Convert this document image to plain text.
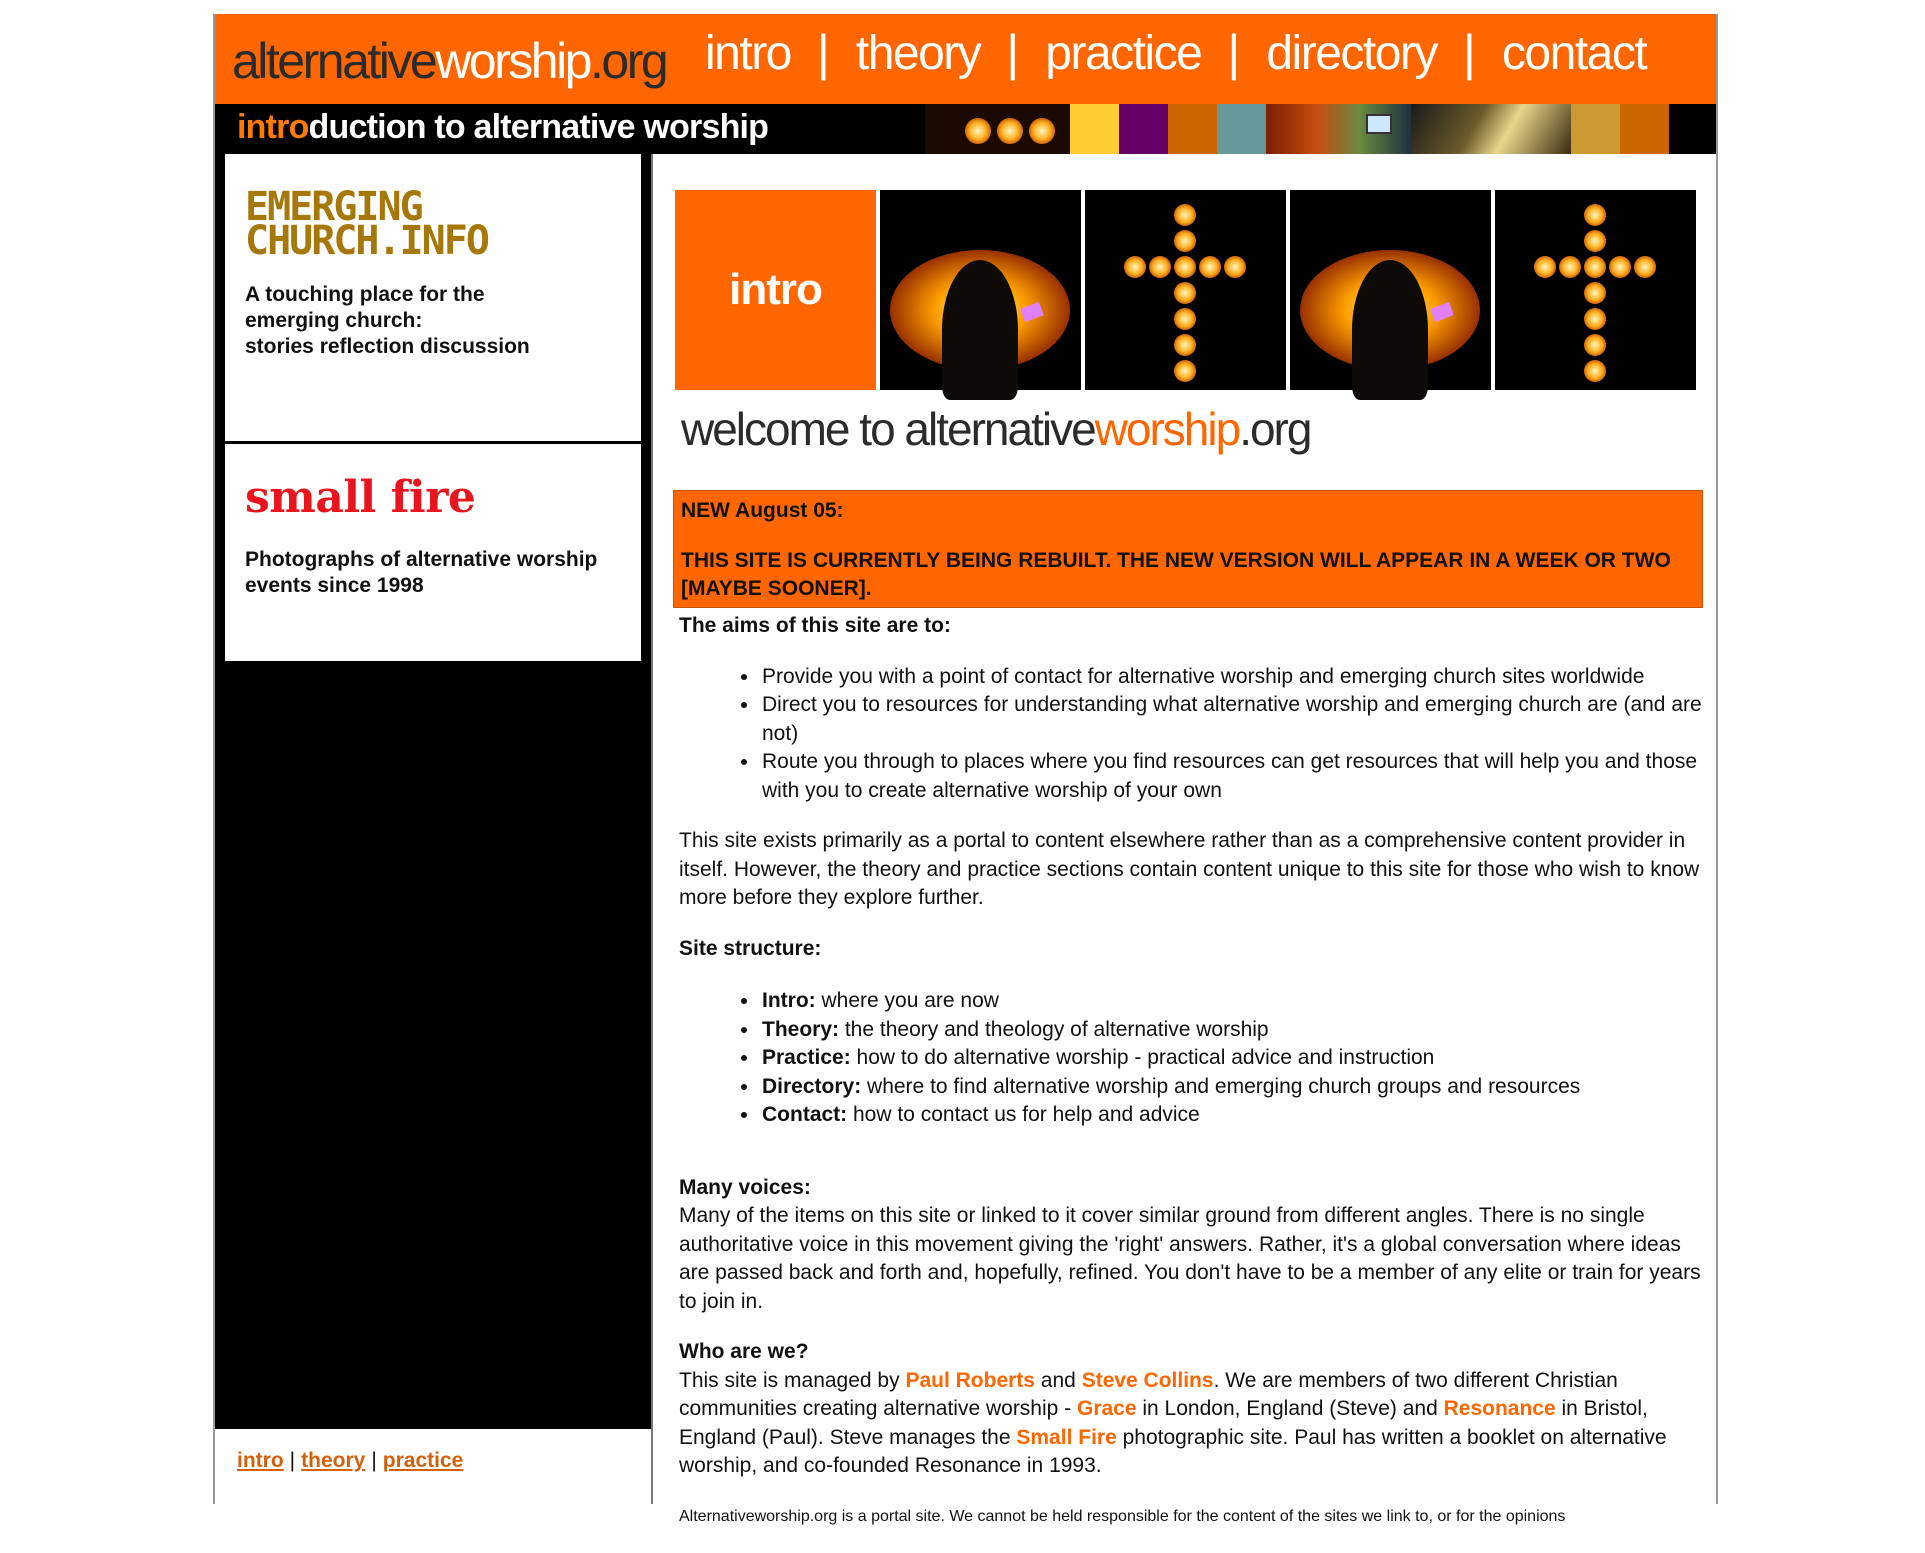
alternativeworship.org intro | theory | practice | directory | contact
introduction to alternative worship
EMERGING
CHURCH.INFO
A touching place for the
emerging church:
stories reflection discussion
small fire
Photographs of alternative worship events since 1998
intro | theory | practice
intro
welcome to alternativeworship.org
NEW August 05:
THIS SITE IS CURRENTLY BEING REBUILT. THE NEW VERSION WILL APPEAR IN A WEEK OR TWO [MAYBE SOONER].
The aims of this site are to:
• Provide you with a point of contact for alternative worship and emerging church sites worldwide
• Direct you to resources for understanding what alternative worship and emerging church are (and are not)
• Route you through to places where you find resources can get resources that will help you and those with you to create alternative worship of your own

This site exists primarily as a portal to content elsewhere rather than as a comprehensive content provider in itself. However, the theory and practice sections contain content unique to this site for those who wish to know more before they explore further.

Site structure:
• Intro: where you are now
• Theory: the theory and theology of alternative worship
• Practice: how to do alternative worship - practical advice and instruction
• Directory: where to find alternative worship and emerging church groups and resources
• Contact: how to contact us for help and advice
Many voices:

Many of the items on this site or linked to it cover similar ground from different angles. There is no single authoritative voice in this movement giving the 'right' answers. Rather, it's a global conversation where ideas are passed back and forth and, hopefully, refined. You don't have to be a member of any elite or train for years to join in.

Who are we?

This site is managed by Paul Roberts and Steve Collins. We are members of two different Christian communities creating alternative worship - Grace in London, England (Steve) and Resonance in Bristol, England (Paul). Steve manages the Small Fire photographic site. Paul has written a booklet on alternative worship, and co-founded Resonance in 1993.

Alternativeworship.org is a portal site. We cannot be held responsible for the content of the sites we link to, or for the opinions
